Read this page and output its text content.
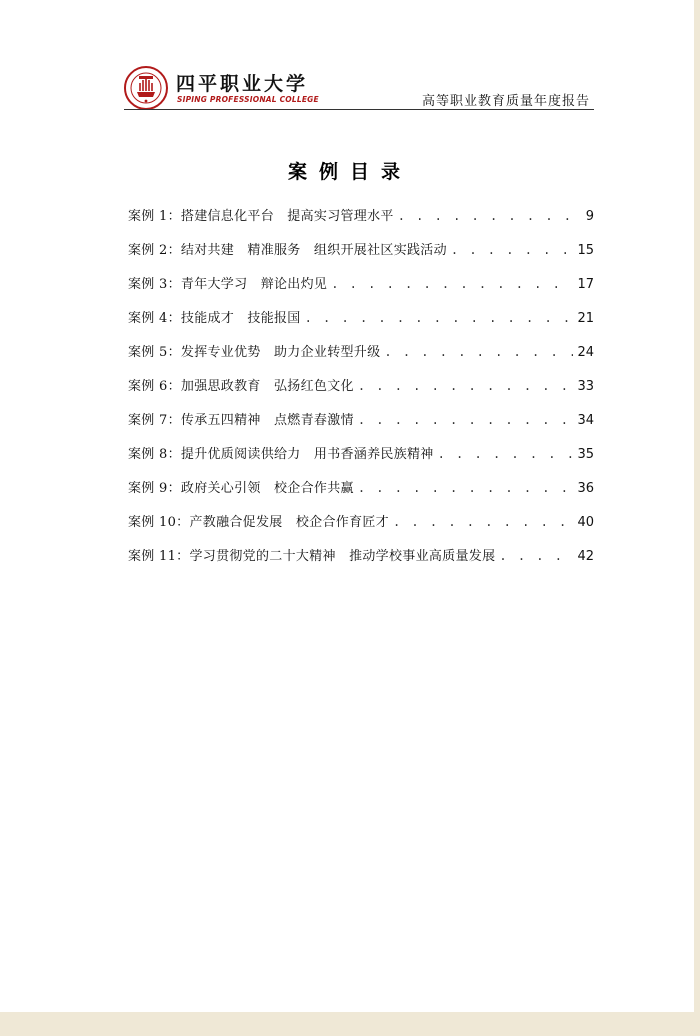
四平职业大学
SIPING PROFESSIONAL COLLEGE	高等职业教育质量年度报告
案例目录
案例 1：搭建信息化平台　提高实习管理水平 . . .	9
案例 2：结对共建　精准服务　组织开展社区实践活动 . . .	15
案例 3：青年大学习　辩论出灼见 . . .	17
案例 4：技能成才　技能报国 . . .	21
案例 5：发挥专业优势　助力企业转型升级 . . .	24
案例 6：加强思政教育　弘扬红色文化 . . .	33
案例 7：传承五四精神　点燃青春激情 . . .	34
案例 8：提升优质阅读供给力　用书香涵养民族精神 . . .	35
案例 9：政府关心引领　校企合作共赢 . . .	36
案例 10：产教融合促发展　校企合作育匠才 . . .	40
案例 11：学习贯彻党的二十大精神　推动学校事业高质量发展 . . .	42
